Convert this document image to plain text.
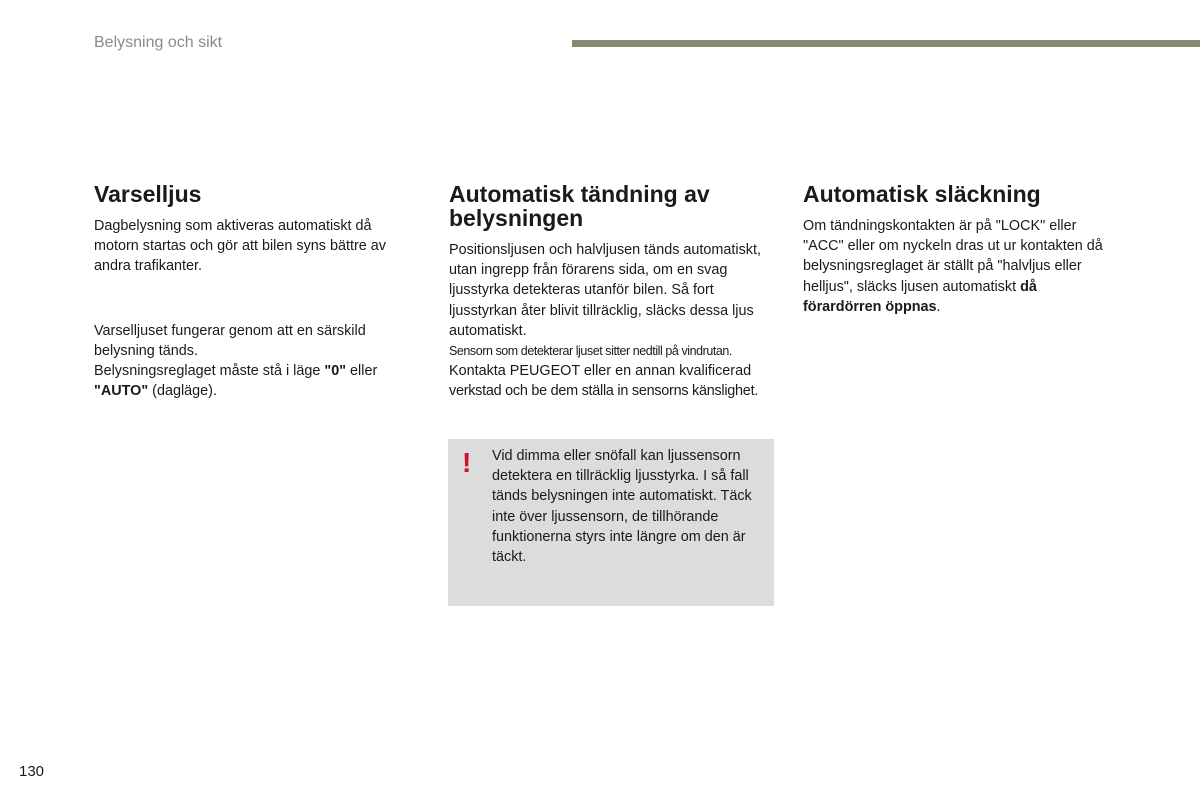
Belysning och sikt
Varselljus

Dagbelysning som aktiveras automatiskt då motorn startas och gör att bilen syns bättre av andra trafikanter.

Varselljuset fungerar genom att en särskild belysning tänds.

Belysningsreglaget måste stå i läge "0" eller "AUTO" (dagläge).

Automatisk tändning av belysningen

Positionsljusen och halvljusen tänds automatiskt, utan ingrepp från förarens sida, om en svag ljusstyrka detekteras utanför bilen. Så fort ljusstyrkan åter blivit tillräcklig, släcks dessa ljus automatiskt.

Sensorn som detekterar ljuset sitter nedtill på vindrutan.

Kontakta PEUGEOT eller en annan kvalificerad

verkstad och be dem ställa in sensorns känslighet.

Automatisk släckning

Om tändningskontakten är på "LOCK" eller "ACC" eller om nyckeln dras ut ur kontakten då belysningsreglaget är ställt på "halvljus eller helljus", släcks ljusen automatiskt då förardörren öppnas.

! Vid dimma eller snöfall kan ljussensorn detektera en tillräcklig ljusstyrka. I så fall tänds belysningen inte automatiskt. Täck inte över ljussensorn, de tillhörande funktionerna styrs inte längre om den är täckt.
130
